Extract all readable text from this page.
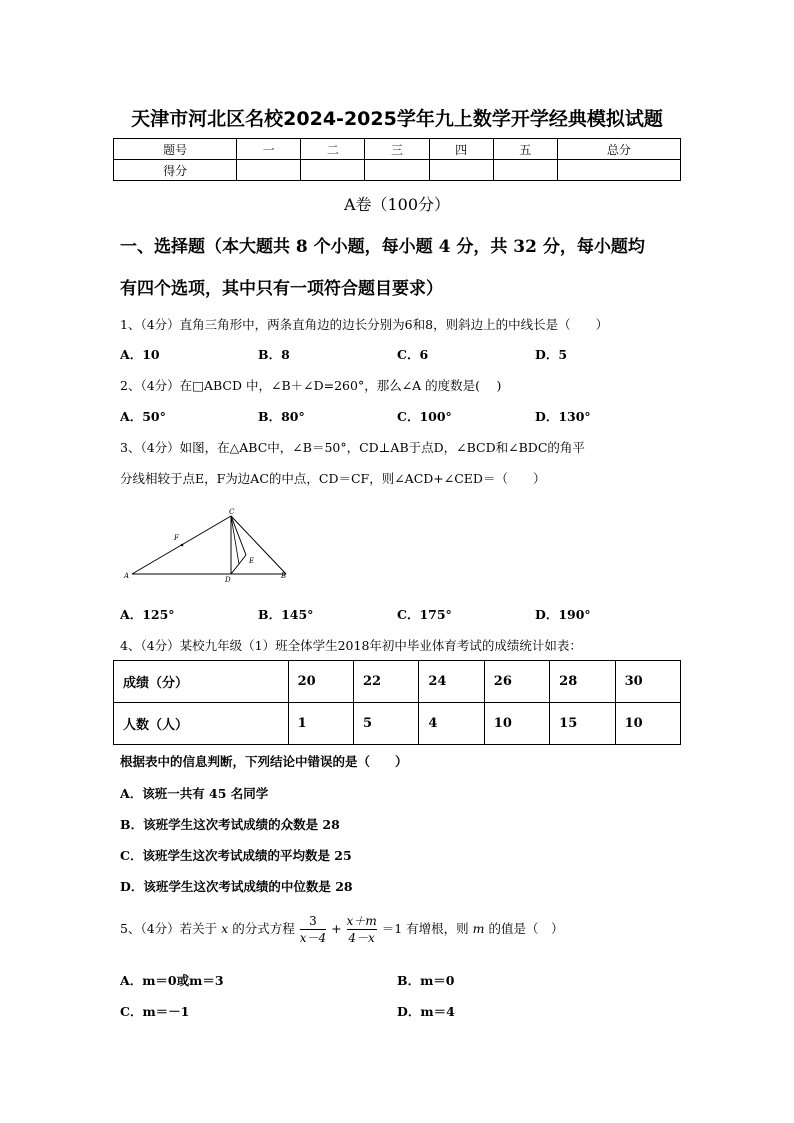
天津市河北区名校2024-2025学年九上数学开学经典模拟试题
题号	一	二	三	四	五	总分
得分						
A卷（100分）
一、选择题（本大题共 8 个小题，每小题 4 分，共 32 分，每小题均
有四个选项，其中只有一项符合题目要求）
1、（4分）直角三角形中，两条直角边的边长分别为6和8，则斜边上的中线长是（　　）
A．10	B．8	C．6	D．5
2、（4分）在□ABCD 中，∠B＋∠D=260°，那么∠A 的度数是(　 )
A．50°	B．80°	C．100°	D．130°
3、（4分）如图，在△ABC中，∠B＝50°，CD⊥AB于点D，∠BCD和∠BDC的角平
分线相较于点E，F为边AC的中点，CD＝CF，则∠ACD+∠CED＝（　　）
C
F
E
A	D	B
A．125°	B．145°	C．175°	D．190°
4、（4分）某校九年级（1）班全体学生2018年初中毕业体育考试的成绩统计如表：
成绩（分）	20	22	24	26	28	30
人数（人）	1	5	4	10	15	10
根据表中的信息判断，下列结论中错误的是（　　）
A．该班一共有 45 名同学
B．该班学生这次考试成绩的众数是 28
C．该班学生这次考试成绩的平均数是 25
D．该班学生这次考试成绩的中位数是 28
5、（4分）若关于 x 的分式方程 $\frac{3}{x-4} + \frac{x+m}{4-x} =1$ 有增根，则 m 的值是（　）
A．m＝0或m＝3	B．m＝0
C．m＝－1	D．m＝4
